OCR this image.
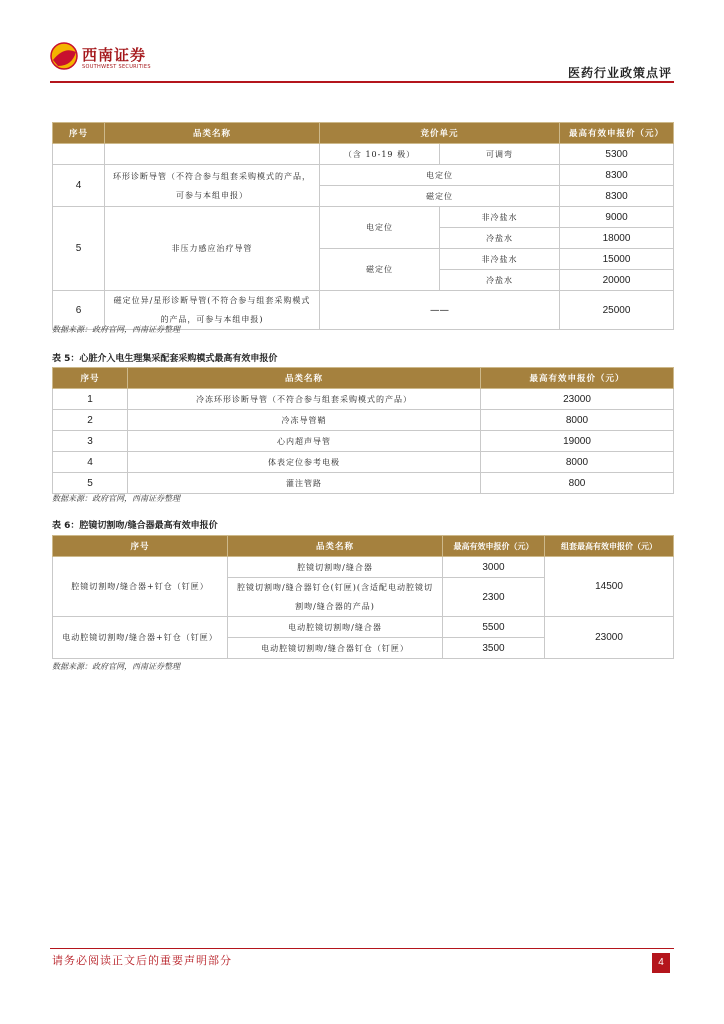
西南证券
SOUTHWEST SECURITIES	医药行业政策点评
序号	品类名称	竞价单元		最高有效申报价（元）
		（含 10-19 极）	可调弯	5300
4	环形诊断导管（不符合参与组套采购模式的产品，可参与本组申报）	电定位		8300
		磁定位		8300
5	非压力感应治疗导管	电定位	非冷盐水	9000
			冷盐水	18000
		磁定位	非冷盐水	15000
			冷盐水	20000
6	磁定位异/星形诊断导管(不符合参与组套采购模式的产品，可参与本组申报)	——		25000
数据来源：政府官网，西南证券整理
表 5：心脏介入电生理集采配套采购模式最高有效申报价
序号	品类名称	最高有效申报价（元）
1	冷冻环形诊断导管（不符合参与组套采购模式的产品）	23000
2	冷冻导管鞘	8000
3	心内超声导管	19000
4	体表定位参考电极	8000
5	灌注管路	800
数据来源：政府官网，西南证券整理
表 6：腔镜切割吻/缝合器最高有效申报价
序号	品类名称	最高有效申报价（元）	组套最高有效申报价（元）
腔镜切割吻/缝合器+钉仓（钉匣）	腔镜切割吻/缝合器	3000	14500
	腔镜切割吻/缝合器钉仓(钉匣)(含适配电动腔镜切割吻/缝合器的产品)	2300	
电动腔镜切割吻/缝合器+钉仓（钉匣）	电动腔镜切割吻/缝合器	5500	23000
	电动腔镜切割吻/缝合器钉仓（钉匣）	3500	
数据来源：政府官网，西南证券整理
请务必阅读正文后的重要声明部分	4
